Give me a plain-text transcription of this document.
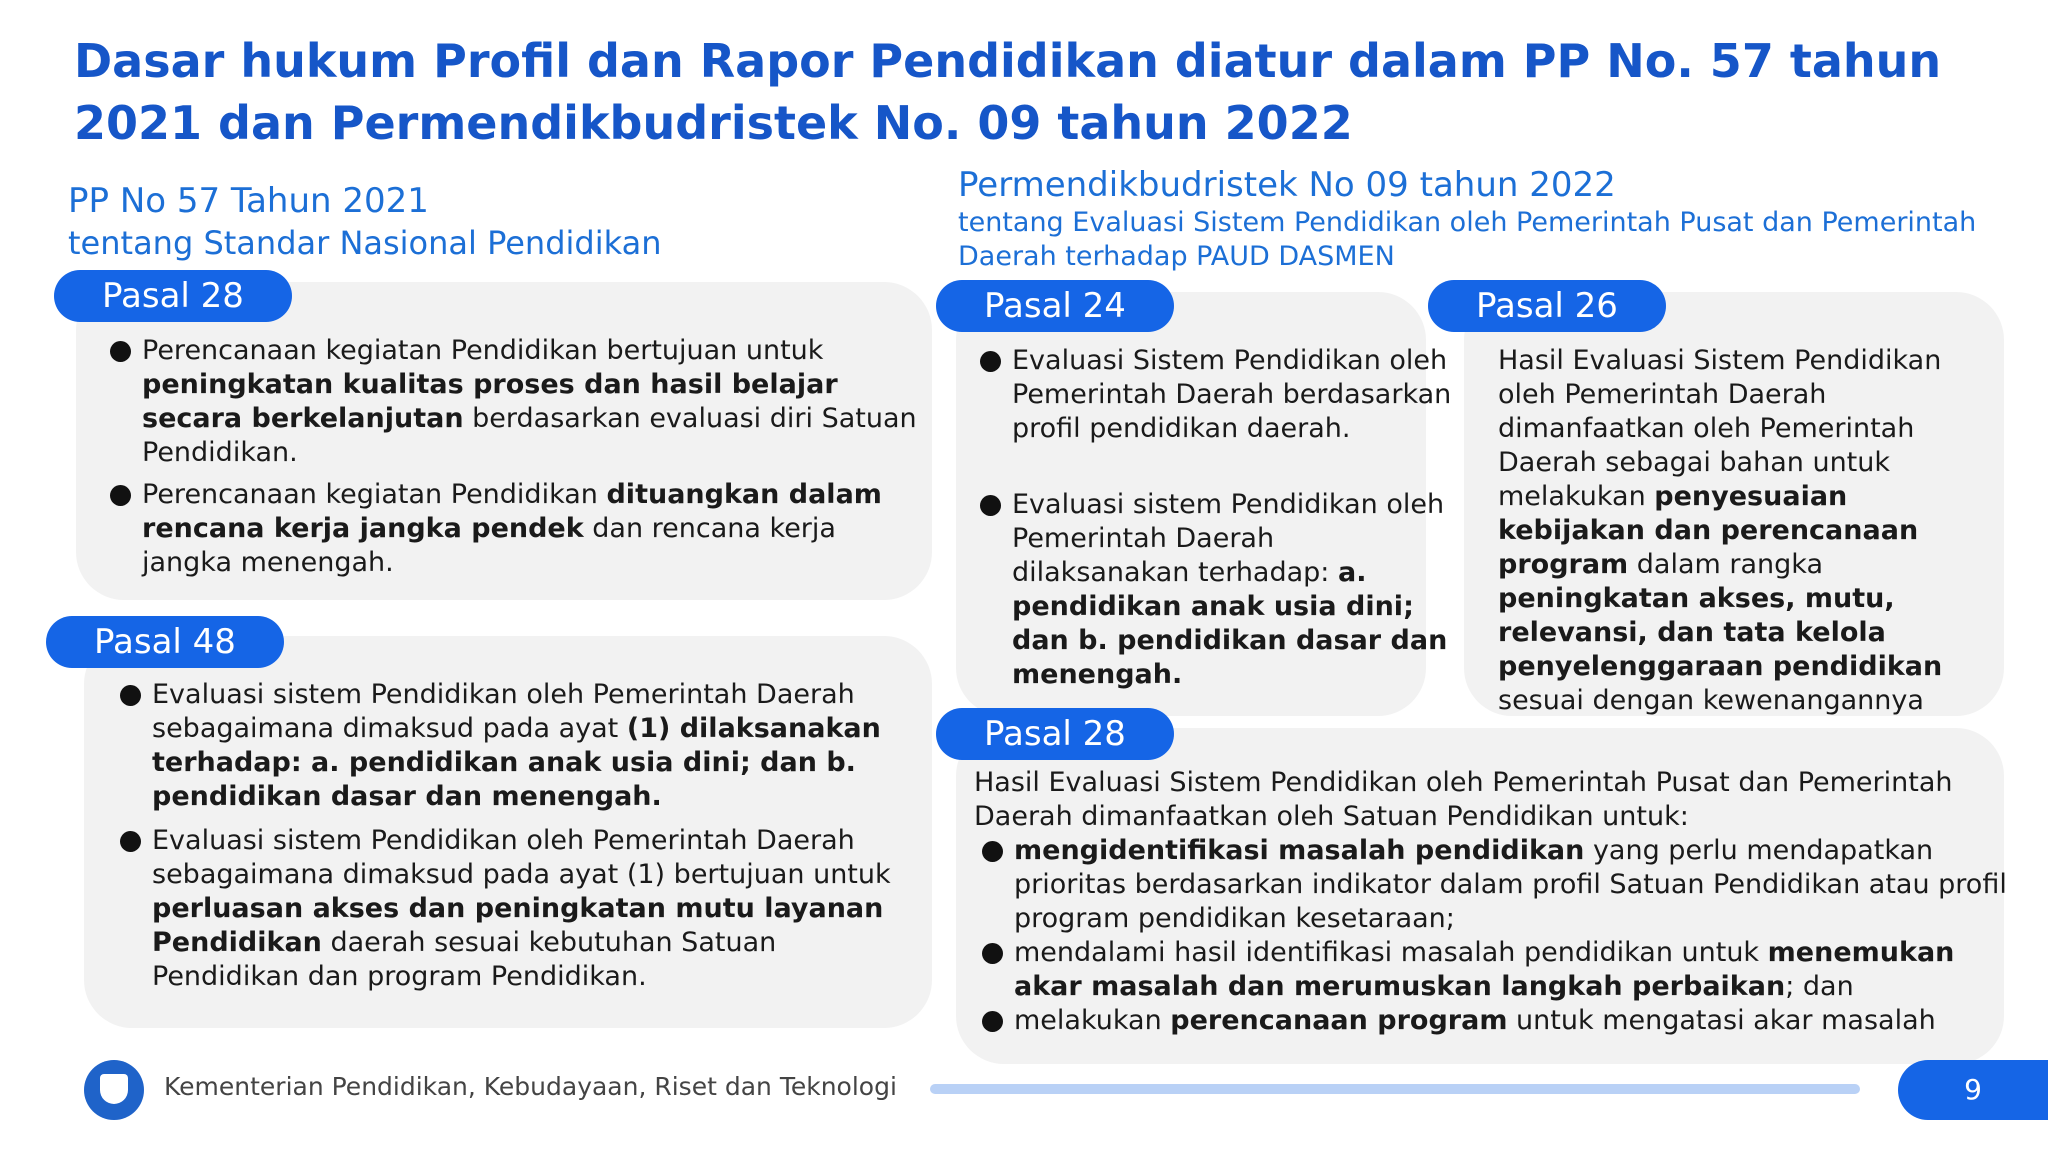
Dasar hukum Profil dan Rapor Pendidikan diatur dalam PP No. 57 tahun 2021 dan Permendikbudristek No. 09 tahun 2022
PP No 57 Tahun 2021
tentang Standar Nasional Pendidikan
Permendikbudristek No 09 tahun 2022
tentang Evaluasi Sistem Pendidikan oleh Pemerintah Pusat dan Pemerintah Daerah terhadap PAUD DASMEN
Pasal 28
Perencanaan kegiatan Pendidikan bertujuan untuk peningkatan kualitas proses dan hasil belajar secara berkelanjutan berdasarkan evaluasi diri Satuan Pendidikan.
Perencanaan kegiatan Pendidikan dituangkan dalam rencana kerja jangka pendek dan rencana kerja jangka menengah.
Pasal 48
Evaluasi sistem Pendidikan oleh Pemerintah Daerah sebagaimana dimaksud pada ayat (1) dilaksanakan terhadap: a. pendidikan anak usia dini; dan b. pendidikan dasar dan menengah.
Evaluasi sistem Pendidikan oleh Pemerintah Daerah sebagaimana dimaksud pada ayat (1) bertujuan untuk perluasan akses dan peningkatan mutu layanan Pendidikan daerah sesuai kebutuhan Satuan Pendidikan dan program Pendidikan.
Pasal 24
Evaluasi Sistem Pendidikan oleh Pemerintah Daerah berdasarkan profil pendidikan daerah.
Evaluasi sistem Pendidikan oleh Pemerintah Daerah dilaksanakan terhadap: a. pendidikan anak usia dini; dan b. pendidikan dasar dan menengah.
Pasal 26
Hasil Evaluasi Sistem Pendidikan oleh Pemerintah Daerah dimanfaatkan oleh Pemerintah Daerah sebagai bahan untuk melakukan penyesuaian kebijakan dan perencanaan program dalam rangka peningkatan akses, mutu, relevansi, dan tata kelola penyelenggaraan pendidikan sesuai dengan kewenangannya
Pasal 28
Hasil Evaluasi Sistem Pendidikan oleh Pemerintah Pusat dan Pemerintah Daerah dimanfaatkan oleh Satuan Pendidikan untuk:
mengidentifikasi masalah pendidikan yang perlu mendapatkan prioritas berdasarkan indikator dalam profil Satuan Pendidikan atau profil program pendidikan kesetaraan;
mendalami hasil identifikasi masalah pendidikan untuk menemukan akar masalah dan merumuskan langkah perbaikan; dan
melakukan perencanaan program untuk mengatasi akar masalah
Kementerian Pendidikan, Kebudayaan, Riset dan Teknologi	9
